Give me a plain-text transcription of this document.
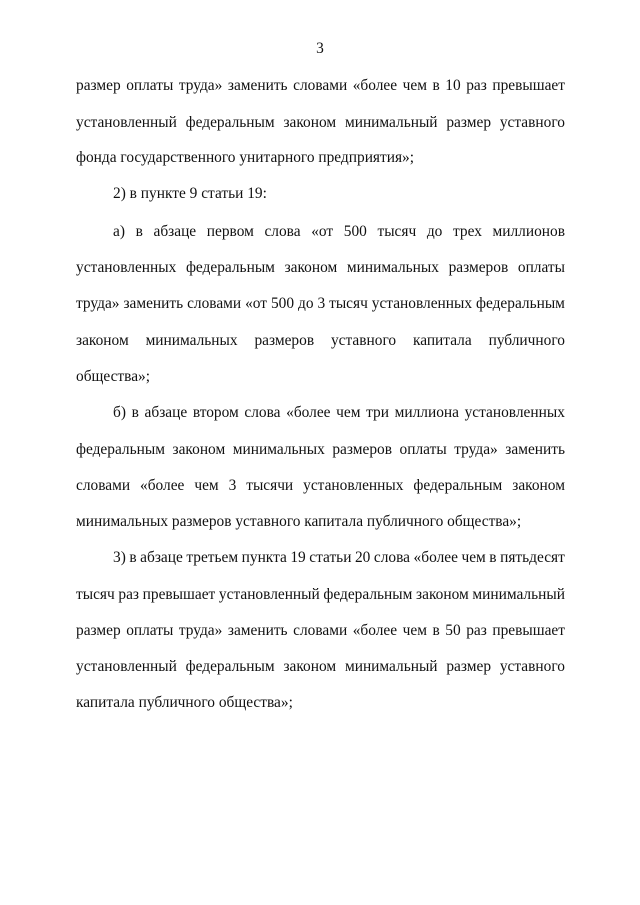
3
размер оплаты труда» заменить словами «более чем в 10 раз превышает
установленный федеральным законом минимальный размер уставного
фонда государственного унитарного предприятия»;
2) в пункте 9 статьи 19:
а) в абзаце первом слова «от 500 тысяч до трех миллионов
установленных федеральным законом минимальных размеров оплаты
труда» заменить словами «от 500 до 3 тысяч установленных федеральным
законом минимальных размеров уставного капитала публичного
общества»;
б) в абзаце втором слова «более чем три миллиона установленных
федеральным законом минимальных размеров оплаты труда» заменить
словами «более чем 3 тысячи установленных федеральным законом
минимальных размеров уставного капитала публичного общества»;
3) в абзаце третьем пункта 19 статьи 20 слова «более чем в пятьдесят
тысяч раз превышает установленный федеральным законом минимальный
размер оплаты труда» заменить словами «более чем в 50 раз превышает
установленный федеральным законом минимальный размер уставного
капитала публичного общества»;
